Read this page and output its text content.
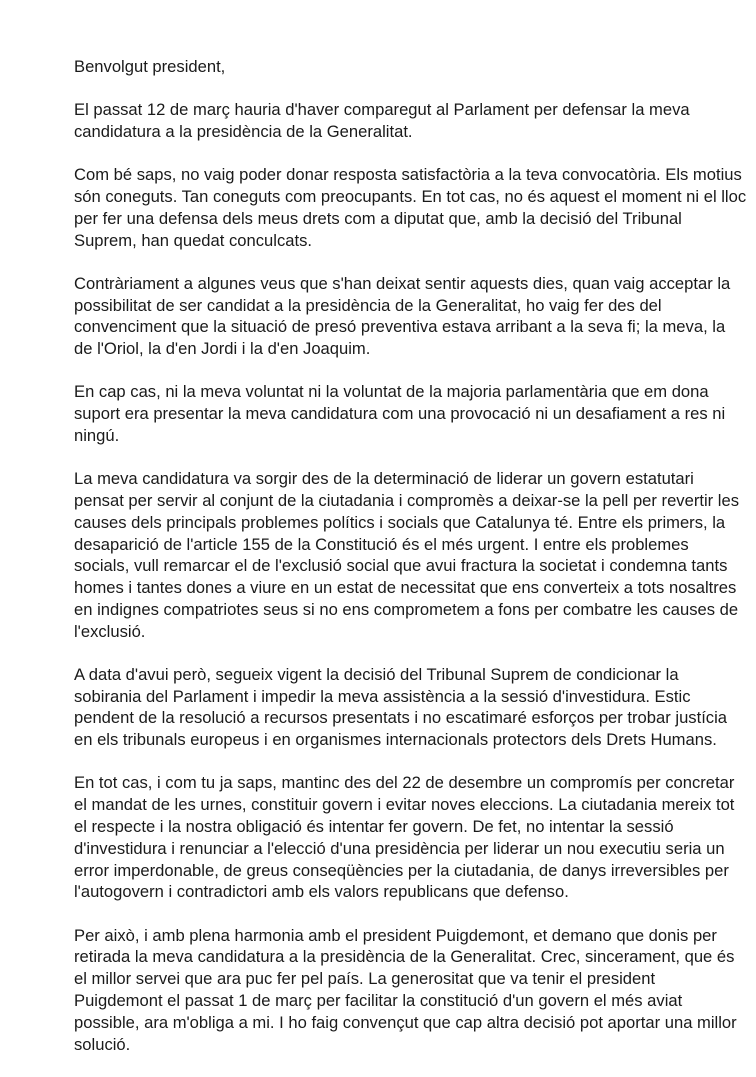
Benvolgut president,

El passat 12 de març hauria d'haver comparegut al Parlament per defensar la meva
candidatura a la presidència de la Generalitat.

Com bé saps, no vaig poder donar resposta satisfactòria a la teva convocatòria. Els motius
són coneguts. Tan coneguts com preocupants. En tot cas, no és aquest el moment ni el lloc
per fer una defensa dels meus drets com a diputat que, amb la decisió del Tribunal
Suprem, han quedat conculcats.

Contràriament a algunes veus que s'han deixat sentir aquests dies, quan vaig acceptar la
possibilitat de ser candidat a la presidència de la Generalitat, ho vaig fer des del
convenciment que la situació de presó preventiva estava arribant a la seva fi; la meva, la
de l'Oriol, la d'en Jordi i la d'en Joaquim.

En cap cas, ni la meva voluntat ni la voluntat de la majoria parlamentària que em dona
suport era presentar la meva candidatura com una provocació ni un desafiament a res ni
ningú.

La meva candidatura va sorgir des de la determinació de liderar un govern estatutari
pensat per servir al conjunt de la ciutadania i compromès a deixar-se la pell per revertir les
causes dels principals problemes polítics i socials que Catalunya té. Entre els primers, la
desaparició de l'article 155 de la Constitució és el més urgent. I entre els problemes
socials, vull remarcar el de l'exclusió social que avui fractura la societat i condemna tants
homes i tantes dones a viure en un estat de necessitat que ens converteix a tots nosaltres
en indignes compatriotes seus si no ens comprometem a fons per combatre les causes de
l'exclusió.

A data d'avui però, segueix vigent la decisió del Tribunal Suprem de condicionar la
sobirania del Parlament i impedir la meva assistència a la sessió d'investidura. Estic
pendent de la resolució a recursos presentats i no escatimaré esforços per trobar justícia
en els tribunals europeus i en organismes internacionals protectors dels Drets Humans.

En tot cas, i com tu ja saps, mantinc des del 22 de desembre un compromís per concretar
el mandat de les urnes, constituir govern i evitar noves eleccions. La ciutadania mereix tot
el respecte i la nostra obligació és intentar fer govern. De fet, no intentar la sessió
d'investidura i renunciar a l'elecció d'una presidència per liderar un nou executiu seria un
error imperdonable, de greus conseqüències per la ciutadania, de danys irreversibles per
l'autogovern i contradictori amb els valors republicans que defenso.

Per això, i amb plena harmonia amb el president Puigdemont, et demano que donis per
retirada la meva candidatura a la presidència de la Generalitat. Crec, sincerament, que és
el millor servei que ara puc fer pel país. La generositat que va tenir el president
Puigdemont el passat 1 de març per facilitar la constitució d'un govern el més aviat
possible, ara m'obliga a mi. I ho faig convençut que cap altra decisió pot aportar una millor
solució.
